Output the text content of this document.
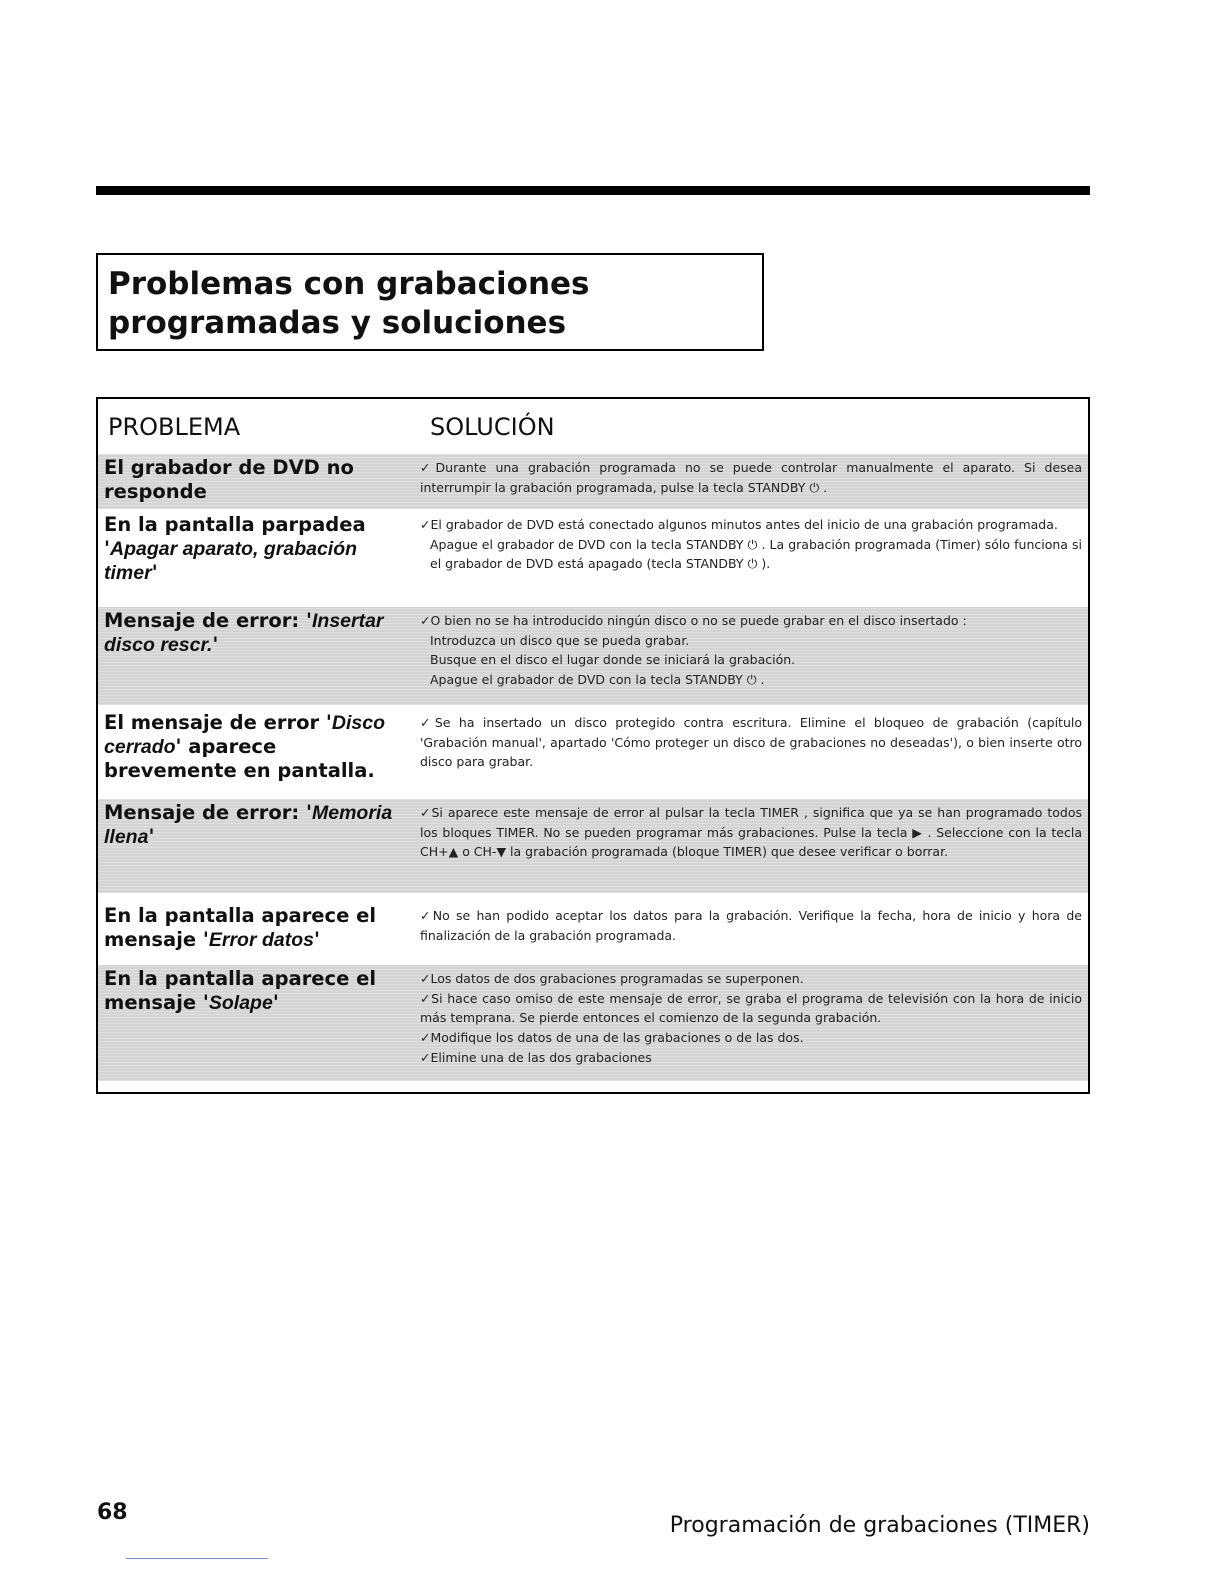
Problemas con grabaciones programadas y soluciones
PROBLEMA	SOLUCIÓN
El grabador de DVD no responde

✓Durante una grabación programada no se puede controlar manualmente el aparato. Si desea interrumpir la grabación programada, pulse la tecla STANDBY ⏻ .

En la pantalla parpadea
'Apagar aparato, grabación timer'

✓El grabador de DVD está conectado algunos minutos antes del inicio de una grabación programada.

Apague el grabador de DVD con la tecla STANDBY ⏻ . La grabación programada (Timer) sólo funciona si el grabador de DVD está apagado (tecla STANDBY ⏻ ).

Mensaje de error: 'Insertar disco rescr.'

✓O bien no se ha introducido ningún disco o no se puede grabar en el disco insertado :

Introduzca un disco que se pueda grabar.

Busque en el disco el lugar donde se iniciará la grabación.

Apague el grabador de DVD con la tecla STANDBY ⏻ .

El mensaje de error 'Disco cerrado' aparece brevemente en pantalla.

✓Se ha insertado un disco protegido contra escritura. Elimine el bloqueo de grabación (capítulo 'Grabación manual', apartado 'Cómo proteger un disco de grabaciones no deseadas'), o bien inserte otro disco para grabar.

Mensaje de error: 'Memoria llena'

✓Si aparece este mensaje de error al pulsar la tecla TIMER , significa que ya se han programado todos los bloques TIMER. No se pueden programar más grabaciones. Pulse la tecla ▶ . Seleccione con la tecla CH+▲ o CH-▼ la grabación programada (bloque TIMER) que desee verificar o borrar.

En la pantalla aparece el mensaje 'Error datos'

✓No se han podido aceptar los datos para la grabación. Verifique la fecha, hora de inicio y hora de finalización de la grabación programada.

En la pantalla aparece el mensaje 'Solape'

✓Los datos de dos grabaciones programadas se superponen.

✓Si hace caso omiso de este mensaje de error, se graba el programa de televisión con la hora de inicio más temprana. Se pierde entonces el comienzo de la segunda grabación.

✓Modifique los datos de una de las grabaciones o de las dos.

✓Elimine una de las dos grabaciones

68
Programación de grabaciones (TIMER)
